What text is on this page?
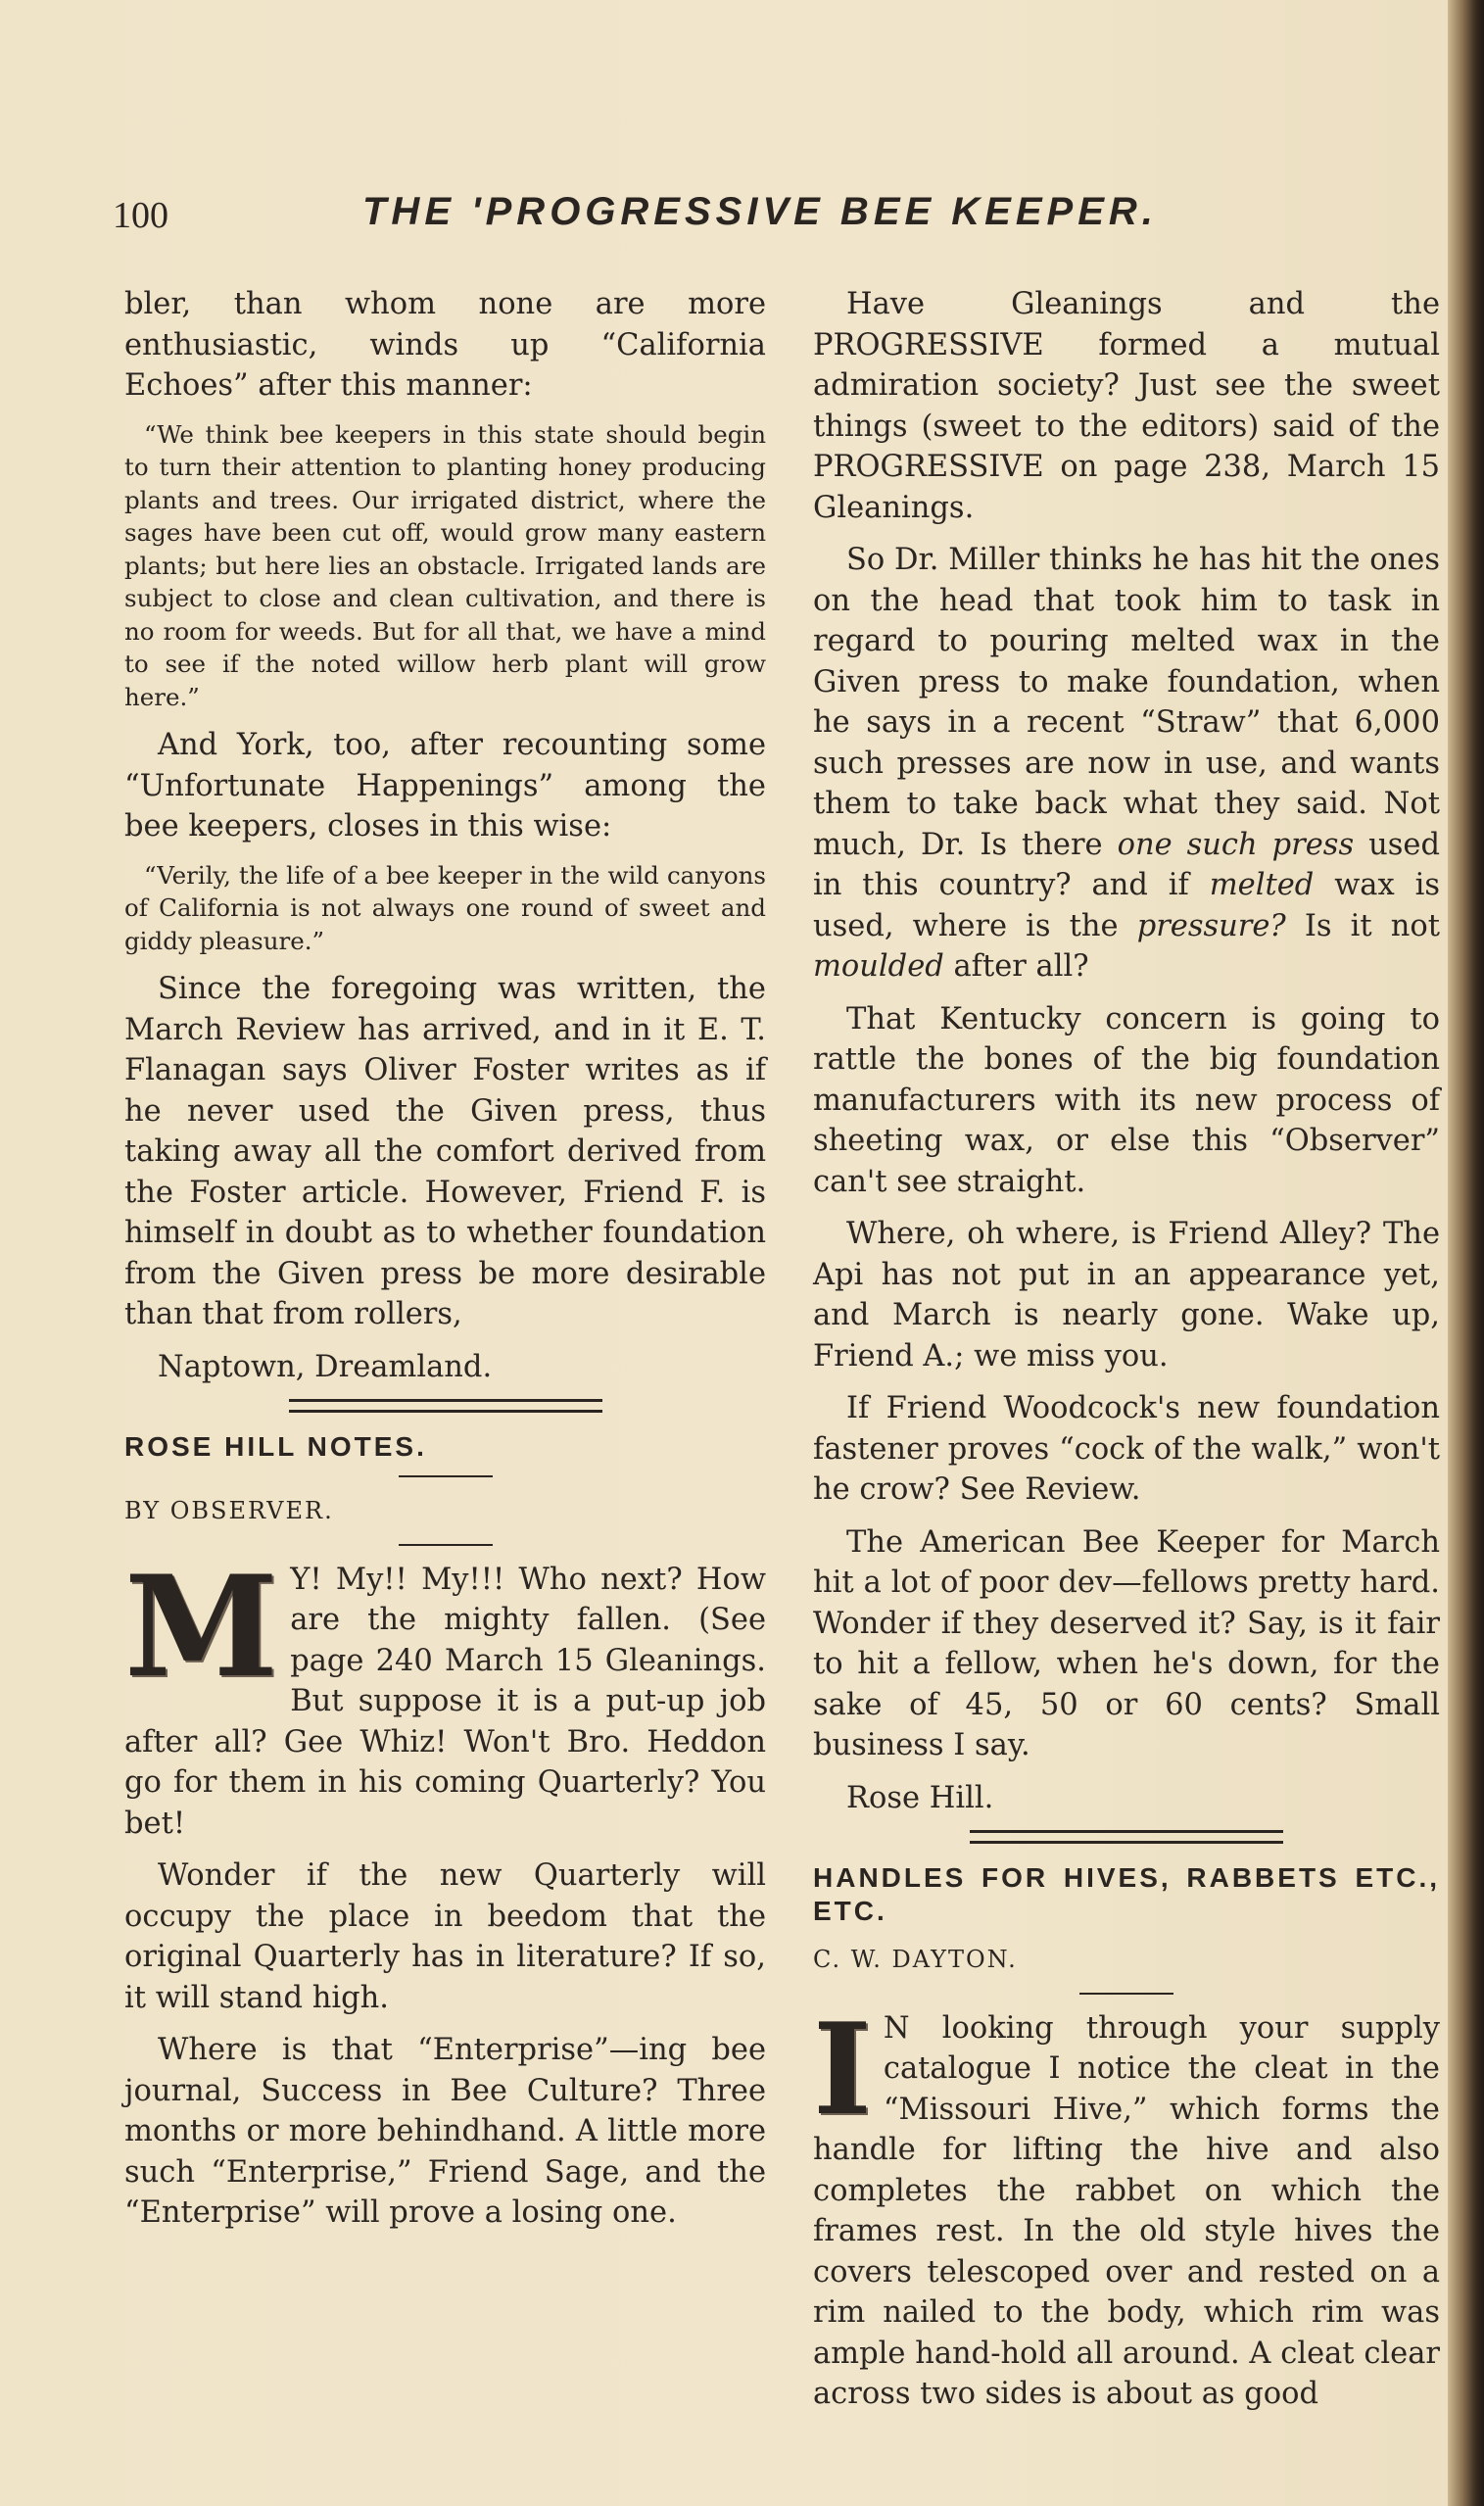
100	THE 'PROGRESSIVE BEE KEEPER.

bler, than whom none are more enthusiastic, winds up “California Echoes” after this manner:

“We think bee keepers in this state should begin to turn their attention to planting honey producing plants and trees. Our irrigated district, where the sages have been cut off, would grow many eastern plants; but here lies an obstacle. Irrigated lands are subject to close and clean cultivation, and there is no room for weeds. But for all that, we have a mind to see if the noted willow herb plant will grow here.”

And York, too, after recounting some “Unfortunate Happenings” among the bee keepers, closes in this wise:

“Verily, the life of a bee keeper in the wild canyons of California is not always one round of sweet and giddy pleasure.”

Since the foregoing was written, the March Review has arrived, and in it E. T. Flanagan says Oliver Foster writes as if he never used the Given press, thus taking away all the comfort derived from the Foster article. However, Friend F. is himself in doubt as to whether foundation from the Given press be more desirable than that from rollers,

Naptown, Dreamland.

ROSE HILL NOTES.

BY OBSERVER.

M Y! My!! My!!! Who next? How are the mighty fallen. (See page 240 March 15 Gleanings. But suppose it is a put-up job after all? Gee Whiz! Won't Bro. Heddon go for them in his coming Quarterly? You bet!

Wonder if the new Quarterly will occupy the place in beedom that the original Quarterly has in literature? If so, it will stand high.

Where is that “Enterprise”—ing bee journal, Success in Bee Culture? Three months or more behindhand. A little more such “Enterprise,” Friend Sage, and the “Enterprise” will prove a losing one.

Have Gleanings and the PROGRESSIVE formed a mutual admiration society? Just see the sweet things (sweet to the editors) said of the PROGRESSIVE on page 238, March 15 Gleanings.

So Dr. Miller thinks he has hit the ones on the head that took him to task in regard to pouring melted wax in the Given press to make foundation, when he says in a recent “Straw” that 6,000 such presses are now in use, and wants them to take back what they said. Not much, Dr. Is there one such press used in this country? and if melted wax is used, where is the pressure? Is it not moulded after all?

That Kentucky concern is going to rattle the bones of the big foundation manufacturers with its new process of sheeting wax, or else this “Observer” can't see straight.

Where, oh where, is Friend Alley? The Api has not put in an appearance yet, and March is nearly gone. Wake up, Friend A.; we miss you.

If Friend Woodcock's new foundation fastener proves “cock of the walk,” won't he crow? See Review.

The American Bee Keeper for March hit a lot of poor dev—fellows pretty hard. Wonder if they deserved it? Say, is it fair to hit a fellow, when he's down, for the sake of 45, 50 or 60 cents? Small business I say.

Rose Hill.

HANDLES FOR HIVES, RABBETS ETC., ETC.

C. W. DAYTON.

I N looking through your supply catalogue I notice the cleat in the “Missouri Hive,” which forms the handle for lifting the hive and also completes the rabbet on which the frames rest. In the old style hives the covers telescoped over and rested on a rim nailed to the body, which rim was ample hand-hold all around. A cleat clear across two sides is about as good
